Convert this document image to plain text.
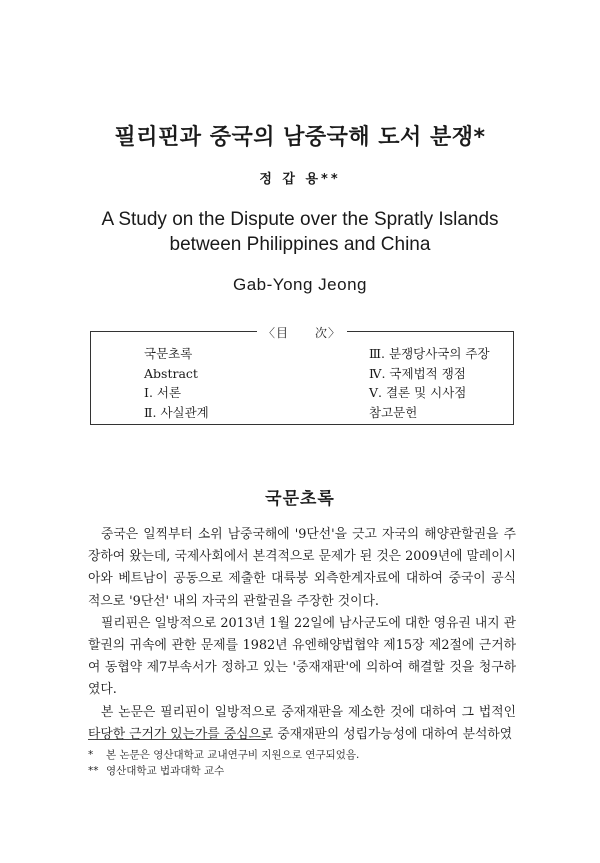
필리핀과 중국의 남중국해 도서 분쟁*
정 갑 용**
A Study on the Dispute over the Spratly Islands
between Philippines and China
Gab-Yong Jeong
〈目　　次〉
국문초록
Abstract
Ⅰ. 서론
Ⅱ. 사실관계
Ⅲ. 분쟁당사국의 주장
Ⅳ. 국제법적 쟁점
Ⅴ. 결론 및 시사점
참고문헌
국문초록

중국은 일찍부터 소위 남중국해에 '9단선'을 긋고 자국의 해양관할권을 주장하여 왔는데, 국제사회에서 본격적으로 문제가 된 것은 2009년에 말레이시아와 베트남이 공동으로 제출한 대륙붕 외측한계자료에 대하여 중국이 공식적으로 '9단선' 내의 자국의 관할권을 주장한 것이다.

필리핀은 일방적으로 2013년 1월 22일에 남사군도에 대한 영유권 내지 관할권의 귀속에 관한 문제를 1982년 유엔해양법협약 제15장 제2절에 근거하여 동협약 제7부속서가 정하고 있는 '중재재판'에 의하여 해결할 것을 청구하였다.

본 논문은 필리핀이 일방적으로 중재재판을 제소한 것에 대하여 그 법적인 타당한 근거가 있는가를 중심으로 중재재판의 성립가능성에 대하여 분석하였

* 본 논문은 영산대학교 교내연구비 지원으로 연구되었음.
** 영산대학교 법과대학 교수
